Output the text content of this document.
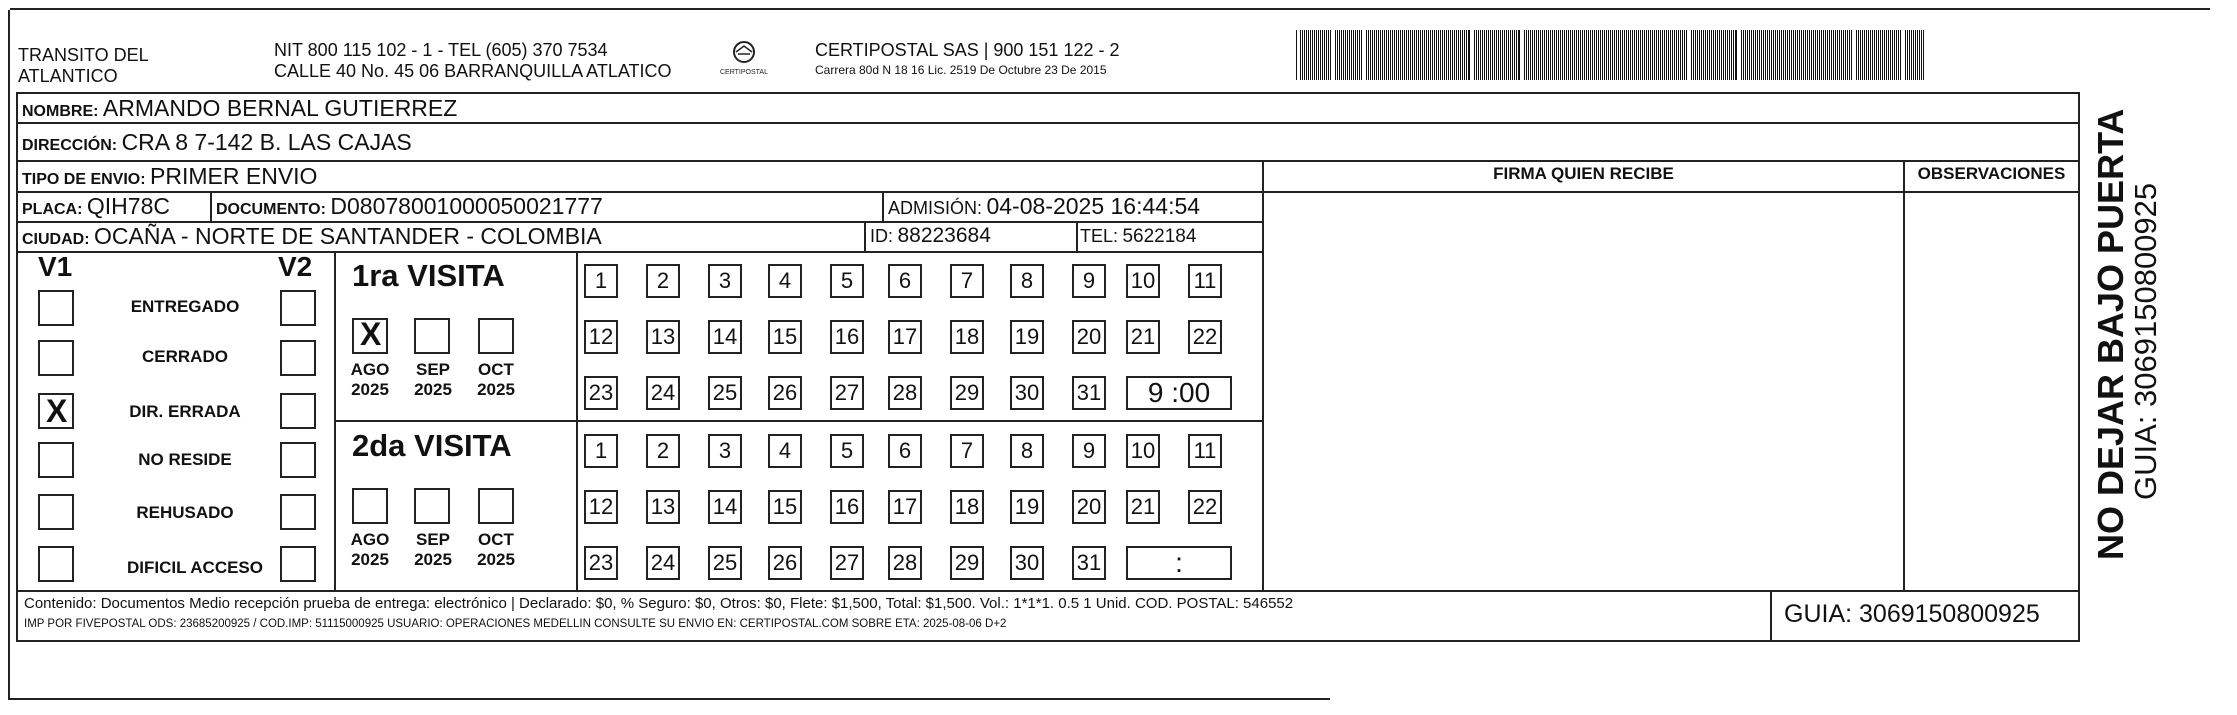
TRANSITO DEL
ATLANTICO
NIT 800 115 102 - 1 - TEL (605) 370 7534
CALLE 40 No. 45 06 BARRANQUILLA ATLATICO	CERTIPOSTAL
CERTIPOSTAL SAS | 900 151 122 - 2
Carrera 80d N 18 16 Lic. 2519 De Octubre 23 De 2015
FIRMA QUIEN RECIBE	OBSERVACIONES
NOMBRE: ARMANDO BERNAL GUTIERREZ
DIRECCIÓN: CRA 8 7-142 B. LAS CAJAS
TIPO DE ENVIO: PRIMER ENVIO
PLACA: QIH78C	DOCUMENTO: D08078001000050021777	ADMISIÓN: 04-08-2025 16:44:54
CIUDAD: OCAÑA - NORTE DE SANTANDER - COLOMBIA	ID: 88223684	TEL: 5622184
V1	V2
ENTREGADO
CERRADO
X	DIR. ERRADA
NO RESIDE
REHUSADO
DIFICIL ACCESO
1ra VISITA
X
AGO
2025
SEP
2025
OCT
2025
2da VISITA
AGO
2025
SEP
2025
OCT
2025
1	2	3	4	5	6	7	8	9	10 11
12 13 14 15 16 17 18 19 20 21 22
23 24 25 26 27 28 29 30 31	9 :00
1	2	3	4	5	6	7	8	9	10 11
12 13 14 15 16 17 18 19 20 21 22
23 24 25 26 27 28 29 30 31	:
Contenido: Documentos Medio recepción prueba de entrega: electrónico | Declarado: $0, % Seguro: $0, Otros: $0, Flete: $1,500, Total: $1,500. Vol.: 1*1*1. 0.5 1 Unid. COD. POSTAL: 546552
IMP POR FIVEPOSTAL ODS: 23685200925 / COD.IMP: 51115000925 USUARIO: OPERACIONES MEDELLIN CONSULTE SU ENVIO EN: CERTIPOSTAL.COM SOBRE ETA: 2025-08-06 D+2	GUIA: 3069150800925
NO DEJAR BAJO PUERTA
GUIA: 3069150800925
